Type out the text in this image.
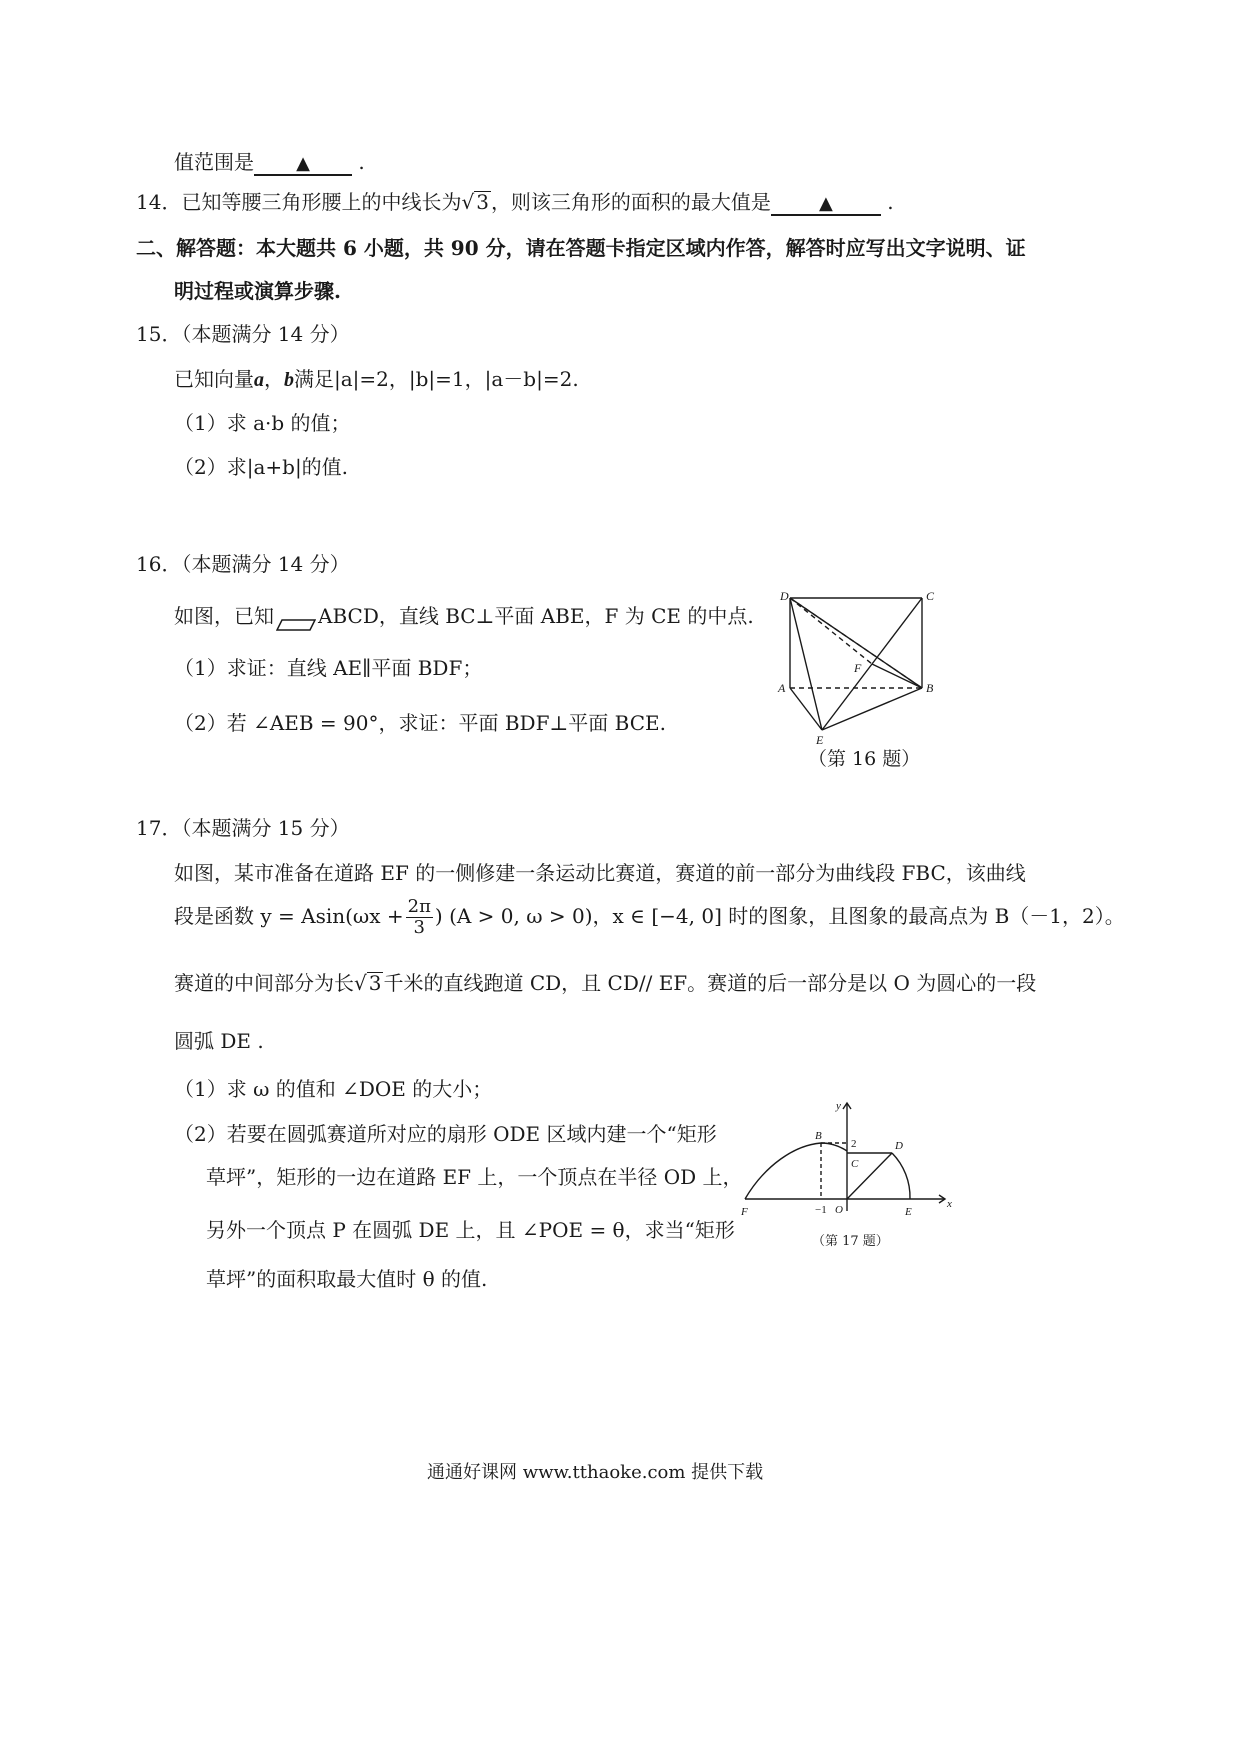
值范围是 ▲ .
14．已知等腰三角形腰上的中线长为√ 3 ，则该三角形的面积的最大值是	▲ .
二、解答题：本大题共 6 小题，共 90 分，请在答题卡指定区域内作答，解答时应写出文字说明、证
明过程或演算步骤.
15．（本题满分 14 分）
已知向量a，b满足|a|=2，|b|=1，|a－b|=2.
（1）求 a·b 的值；
（2）求|a+b|的值.
16．（本题满分 14 分）
如图，已知 ABCD，直线 BC⊥平面 ABE，F 为 CE 的中点.
（1）求证：直线 AE∥平面 BDF；
（2）若 ∠AEB = 90°，求证：平面 BDF⊥平面 BCE.
D	C
A	B
E
F
（第 16 题）
17．（本题满分 15 分）
如图，某市准备在道路 EF 的一侧修建一条运动比赛道，赛道的前一部分为曲线段 FBC，该曲线
段是函数 $y = Asin(\omega x + \frac{2\pi}{3}$ ) (A > 0, ω > 0)，x ∈ [−4, 0] 时的图象，且图象的最高点为 B（－1，2）。
赛道的中间部分为长√ 3 千米的直线跑道 CD，且 CD// EF。赛道的后一部分是以 O 为圆心的一段
圆弧 DE .
（1）求 ω 的值和 ∠DOE 的大小；
（2）若要在圆弧赛道所对应的扇形 ODE 区域内建一个“矩形
草坪”，矩形的一边在道路 EF 上，一个顶点在半径 OD 上，
另外一个顶点 P 在圆弧 DE 上，且 ∠POE = θ，求当“矩形
草坪”的面积取最大值时 θ 的值.
y
x
B
2
C
D
F	−1 O	E
（第 17 题）
通通好课网 www.tthaoke.com 提供下载
